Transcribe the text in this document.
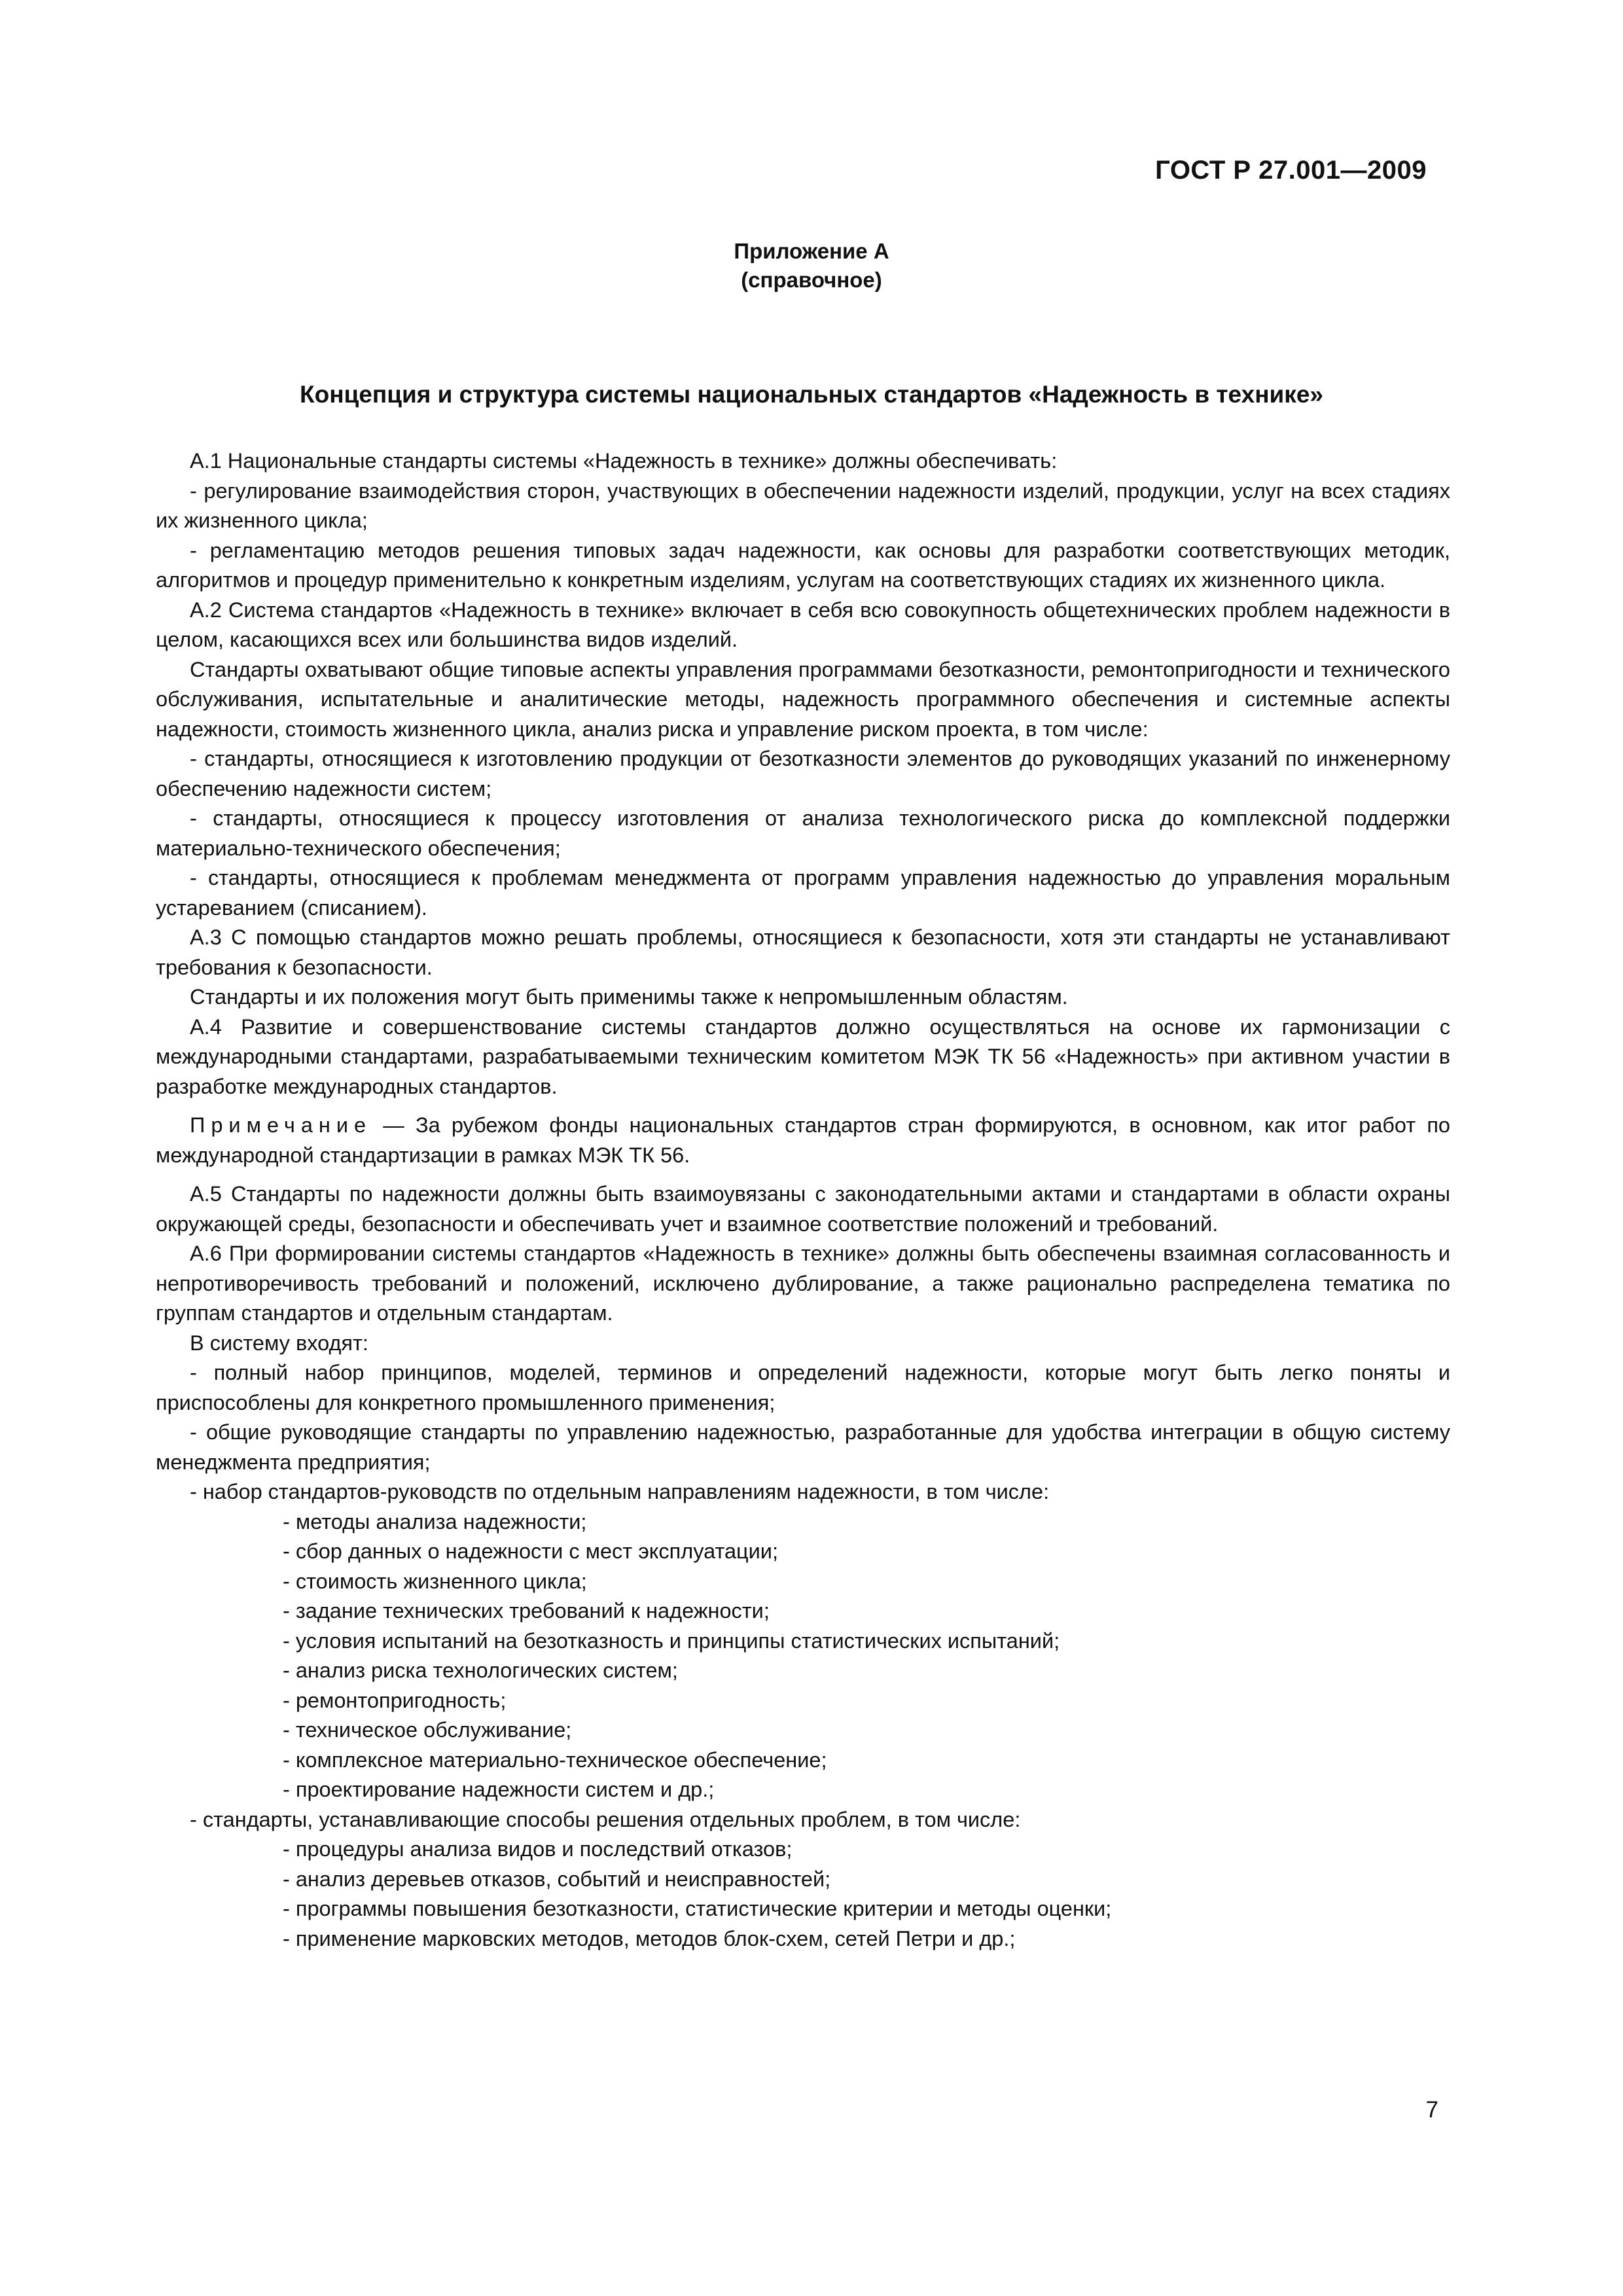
ГОСТ Р 27.001—2009
Приложение А
(справочное)
Концепция и структура системы национальных стандартов «Надежность в технике»

А.1 Национальные стандарты системы «Надежность в технике» должны обеспечивать:

- регулирование взаимодействия сторон, участвующих в обеспечении надежности изделий, продукции, услуг на всех стадиях их жизненного цикла;

- регламентацию методов решения типовых задач надежности, как основы для разработки соответствующих методик, алгоритмов и процедур применительно к конкретным изделиям, услугам на соответствующих стадиях их жизненного цикла.

А.2 Система стандартов «Надежность в технике» включает в себя всю совокупность общетехнических проблем надежности в целом, касающихся всех или большинства видов изделий.

Стандарты охватывают общие типовые аспекты управления программами безотказности, ремонтопригодности и технического обслуживания, испытательные и аналитические методы, надежность программного обеспечения и системные аспекты надежности, стоимость жизненного цикла, анализ риска и управление риском проекта, в том числе:

- стандарты, относящиеся к изготовлению продукции от безотказности элементов до руководящих указаний по инженерному обеспечению надежности систем;

- стандарты, относящиеся к процессу изготовления от анализа технологического риска до комплексной поддержки материально-технического обеспечения;

- стандарты, относящиеся к проблемам менеджмента от программ управления надежностью до управления моральным устареванием (списанием).

А.3 С помощью стандартов можно решать проблемы, относящиеся к безопасности, хотя эти стандарты не устанавливают требования к безопасности.

Стандарты и их положения могут быть применимы также к непромышленным областям.

А.4 Развитие и совершенствование системы стандартов должно осуществляться на основе их гармонизации с международными стандартами, разрабатываемыми техническим комитетом МЭК ТК 56 «Надежность» при активном участии в разработке международных стандартов.

Примечание — За рубежом фонды национальных стандартов стран формируются, в основном, как итог работ по международной стандартизации в рамках МЭК ТК 56.

А.5 Стандарты по надежности должны быть взаимоувязаны с законодательными актами и стандартами в области охраны окружающей среды, безопасности и обеспечивать учет и взаимное соответствие положений и требований.

А.6 При формировании системы стандартов «Надежность в технике» должны быть обеспечены взаимная согласованность и непротиворечивость требований и положений, исключено дублирование, а также рационально распределена тематика по группам стандартов и отдельным стандартам.

В систему входят:

- полный набор принципов, моделей, терминов и определений надежности, которые могут быть легко поняты и приспособлены для конкретного промышленного применения;

- общие руководящие стандарты по управлению надежностью, разработанные для удобства интеграции в общую систему менеджмента предприятия;

- набор стандартов-руководств по отдельным направлениям надежности, в том числе:

- методы анализа надежности;

- сбор данных о надежности с мест эксплуатации;

- стоимость жизненного цикла;

- задание технических требований к надежности;

- условия испытаний на безотказность и принципы статистических испытаний;

- анализ риска технологических систем;

- ремонтопригодность;

- техническое обслуживание;

- комплексное материально-техническое обеспечение;

- проектирование надежности систем и др.;

- стандарты, устанавливающие способы решения отдельных проблем, в том числе:

- процедуры анализа видов и последствий отказов;

- анализ деревьев отказов, событий и неисправностей;

- программы повышения безотказности, статистические критерии и методы оценки;

- применение марковских методов, методов блок-схем, сетей Петри и др.;

7
